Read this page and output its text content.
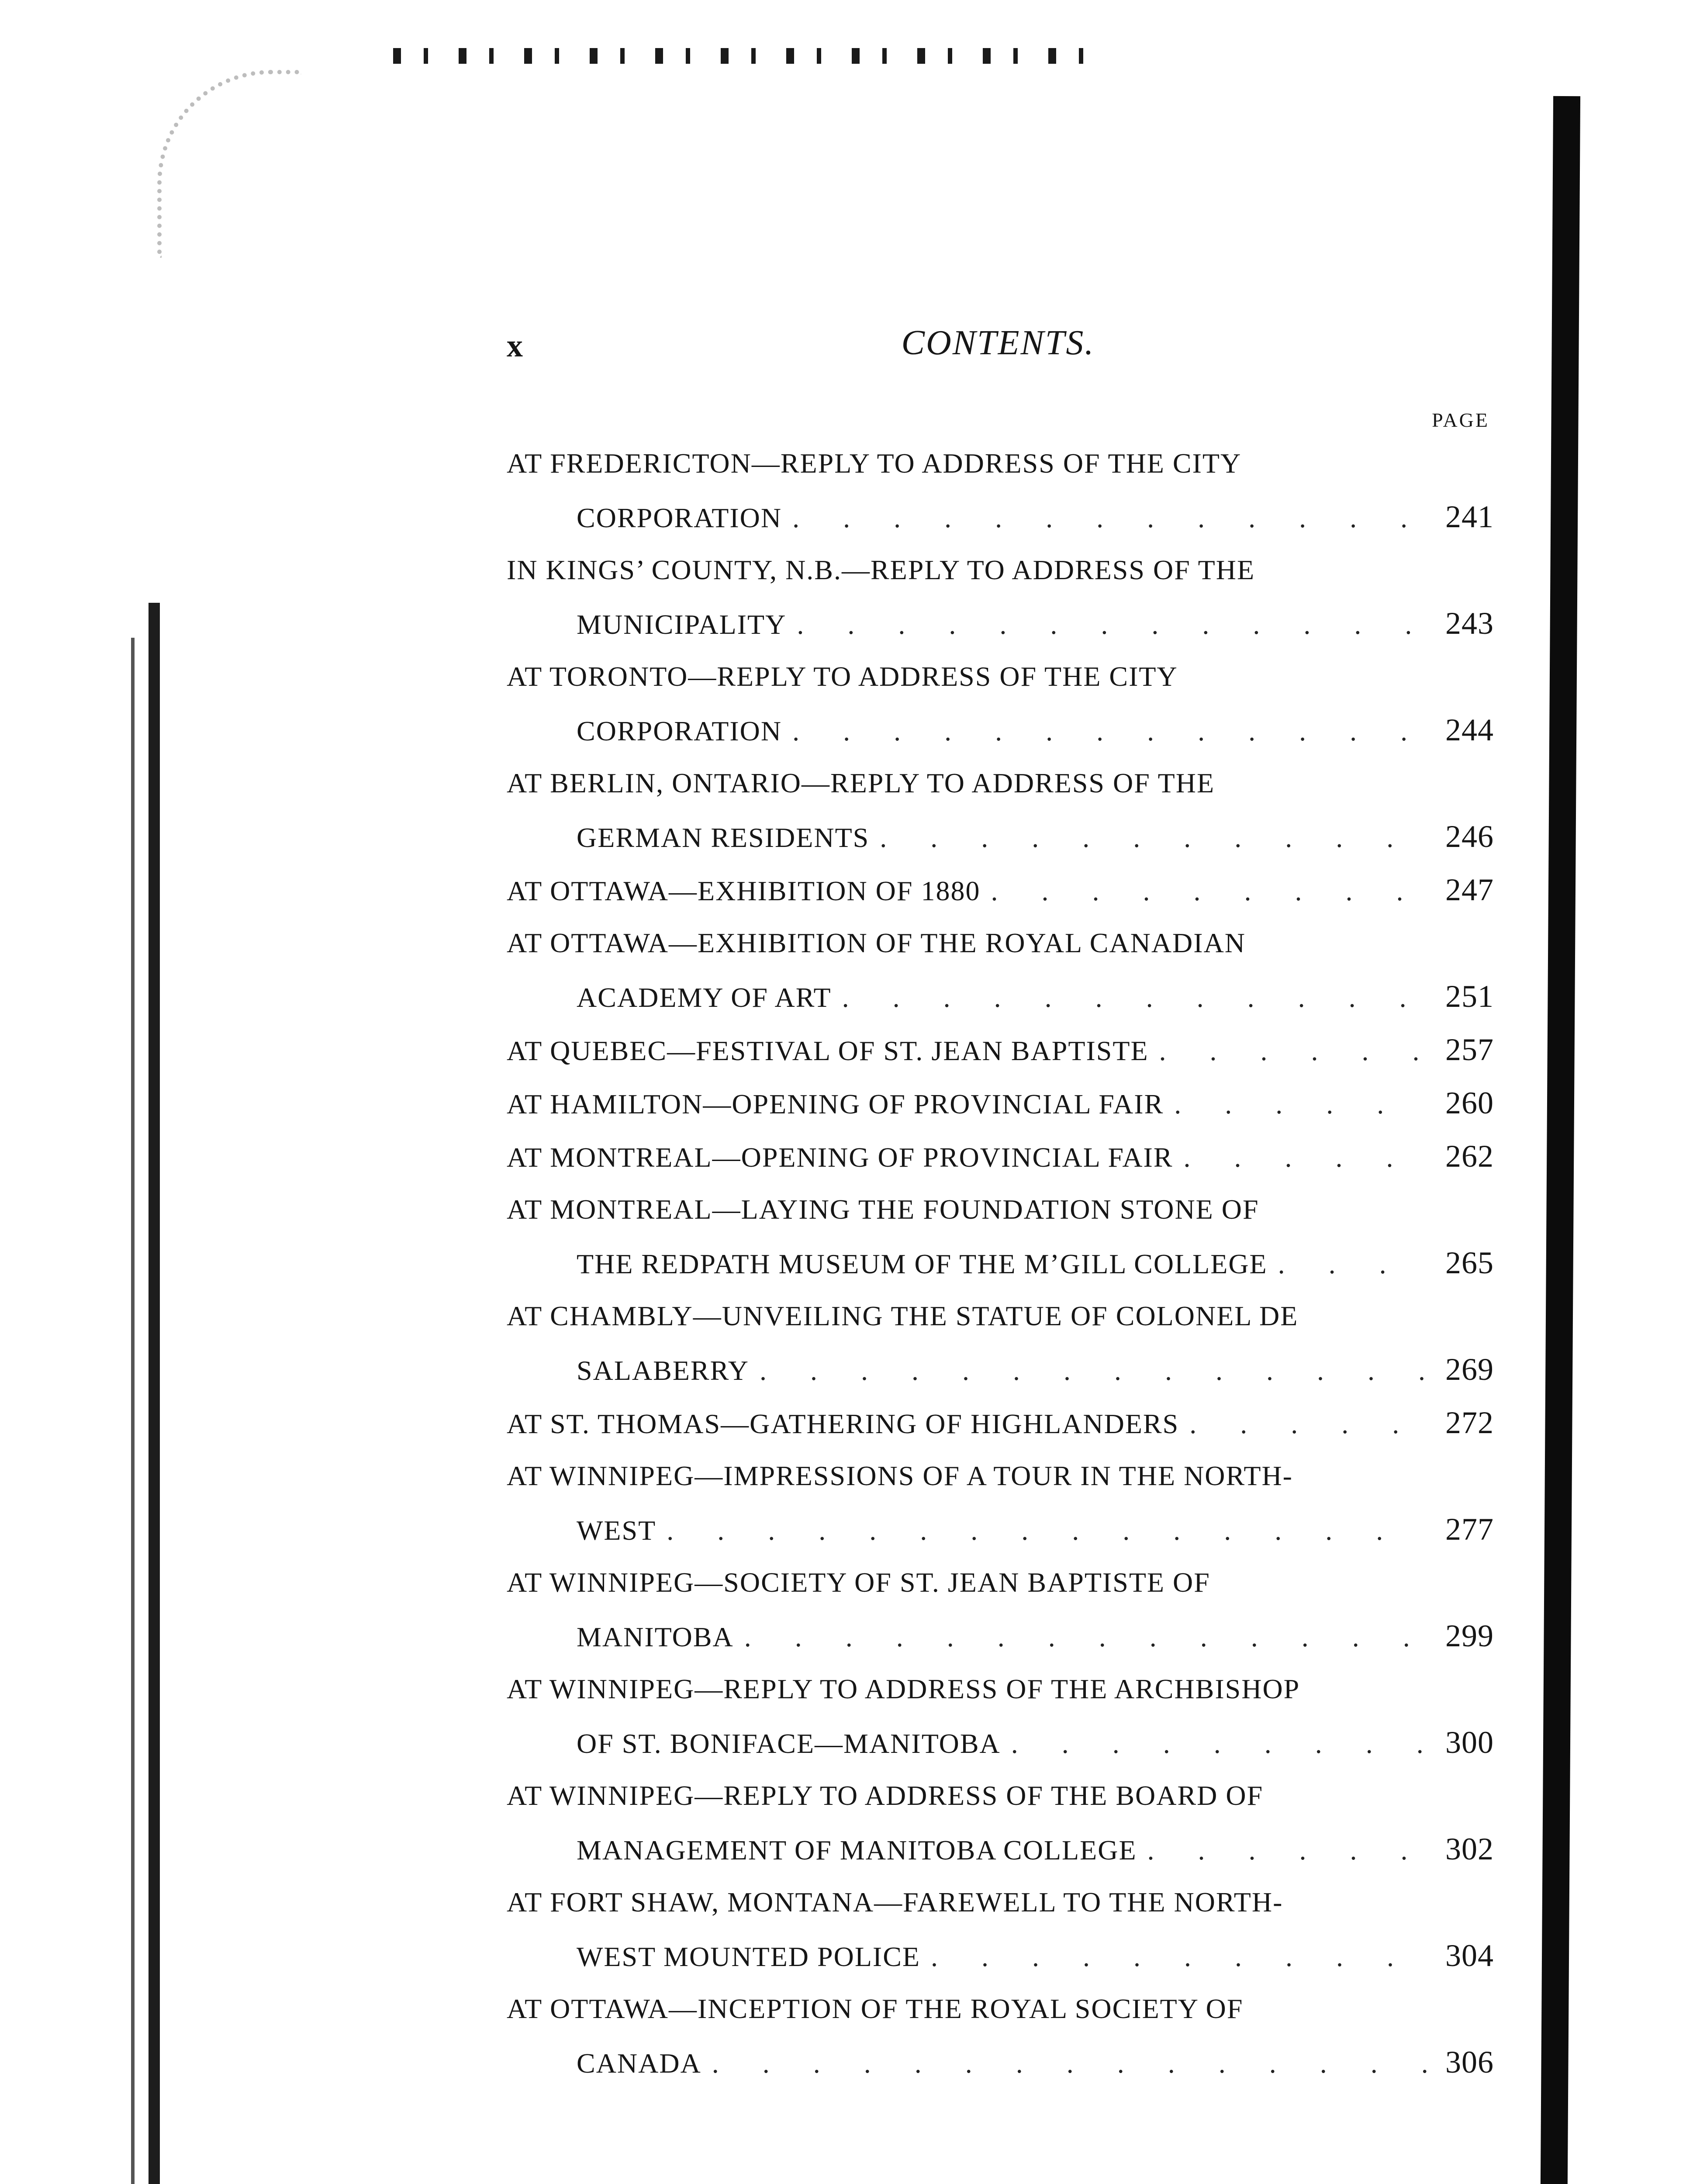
x	CONTENTS.
PAGE
AT FREDERICTON—REPLY TO ADDRESS OF THE CITY
CORPORATION . .	241
IN KINGS’ COUNTY, N.B.—REPLY TO ADDRESS OF THE
MUNICIPALITY . .	243
AT TORONTO—REPLY TO ADDRESS OF THE CITY
CORPORATION . .	244
AT BERLIN, ONTARIO—REPLY TO ADDRESS OF THE
GERMAN RESIDENTS . .	246
AT OTTAWA—EXHIBITION OF 1880 . .	247
AT OTTAWA—EXHIBITION OF THE ROYAL CANADIAN
ACADEMY OF ART . .	251
AT QUEBEC—FESTIVAL OF ST. JEAN BAPTISTE . .	257
AT HAMILTON—OPENING OF PROVINCIAL FAIR . .	260
AT MONTREAL—OPENING OF PROVINCIAL FAIR . .	262
AT MONTREAL—LAYING THE FOUNDATION STONE OF
THE REDPATH MUSEUM OF THE M’GILL COLLEGE . .	265
AT CHAMBLY—UNVEILING THE STATUE OF COLONEL DE
SALABERRY . .	269
AT ST. THOMAS—GATHERING OF HIGHLANDERS . .	272
AT WINNIPEG—IMPRESSIONS OF A TOUR IN THE NORTH-
WEST . .	277
AT WINNIPEG—SOCIETY OF ST. JEAN BAPTISTE OF
MANITOBA . .	299
AT WINNIPEG—REPLY TO ADDRESS OF THE ARCHBISHOP
OF ST. BONIFACE—MANITOBA . .	300
AT WINNIPEG—REPLY TO ADDRESS OF THE BOARD OF
MANAGEMENT OF MANITOBA COLLEGE . .	302
AT FORT SHAW, MONTANA—FAREWELL TO THE NORTH-
WEST MOUNTED POLICE . .	304
AT OTTAWA—INCEPTION OF THE ROYAL SOCIETY OF
CANADA . .	306
